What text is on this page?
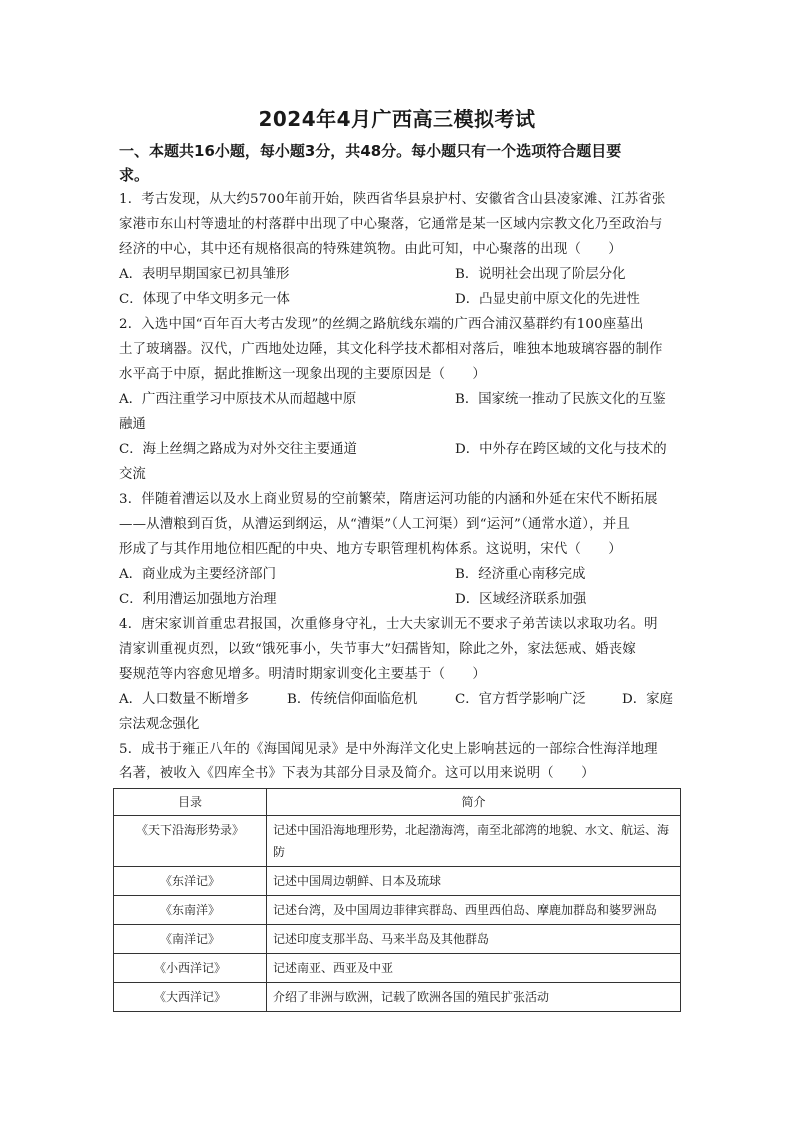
2024年4月广西高三模拟考试
一、本题共16小题，每小题3分，共48分。每小题只有一个选项符合题目要
求。
1．考古发现，从大约5700年前开始，陕西省华县泉护村、安徽省含山县凌家滩、江苏省张
家港市东山村等遗址的村落群中出现了中心聚落，它通常是某一区域内宗教文化乃至政治与
经济的中心，其中还有规格很高的特殊建筑物。由此可知，中心聚落的出现（　　）
A．表明早期国家已初具雏形	B．说明社会出现了阶层分化
C．体现了中华文明多元一体	D．凸显史前中原文化的先进性
2．入选中国“百年百大考古发现”的丝绸之路航线东端的广西合浦汉墓群约有100座墓出
土了玻璃器。汉代，广西地处边陲，其文化科学技术都相对落后，唯独本地玻璃容器的制作
水平高于中原，据此推断这一现象出现的主要原因是（　　）
A．广西注重学习中原技术从而超越中原	B．国家统一推动了民族文化的互鉴
融通
C．海上丝绸之路成为对外交往主要通道	D．中外存在跨区域的文化与技术的
交流
3．伴随着漕运以及水上商业贸易的空前繁荣，隋唐运河功能的内涵和外延在宋代不断拓展
——从漕粮到百货，从漕运到纲运，从“漕渠”（人工河渠）到“运河”（通常水道），并且
形成了与其作用地位相匹配的中央、地方专职管理机构体系。这说明，宋代（　　）
A．商业成为主要经济部门	B．经济重心南移完成
C．利用漕运加强地方治理	D．区域经济联系加强
4．唐宋家训首重忠君报国，次重修身守礼，士大夫家训无不要求子弟苦读以求取功名。明
清家训重视贞烈，以致“饿死事小，失节事大”妇孺皆知，除此之外，家法惩戒、婚丧嫁
娶规范等内容愈见增多。明清时期家训变化主要基于（　　）
A．人口数量不断增多	B．传统信仰面临危机	C．官方哲学影响广泛	D．家庭
宗法观念强化
5．成书于雍正八年的《海国闻见录》是中外海洋文化史上影响甚远的一部综合性海洋地理
名著，被收入《四库全书》下表为其部分目录及简介。这可以用来说明（　　）
目录	简介
《天下沿海形势录》	记述中国沿海地理形势，北起渤海湾，南至北部湾的地貌、水文、航运、海防
《东洋记》	记述中国周边朝鲜、日本及琉球
《东南洋》	记述台湾，及中国周边菲律宾群岛、西里西伯岛、摩鹿加群岛和婆罗洲岛
《南洋记》	记述印度支那半岛、马来半岛及其他群岛
《小西洋记》	记述南亚、西亚及中亚
《大西洋记》	介绍了非洲与欧洲，记载了欧洲各国的殖民扩张活动
